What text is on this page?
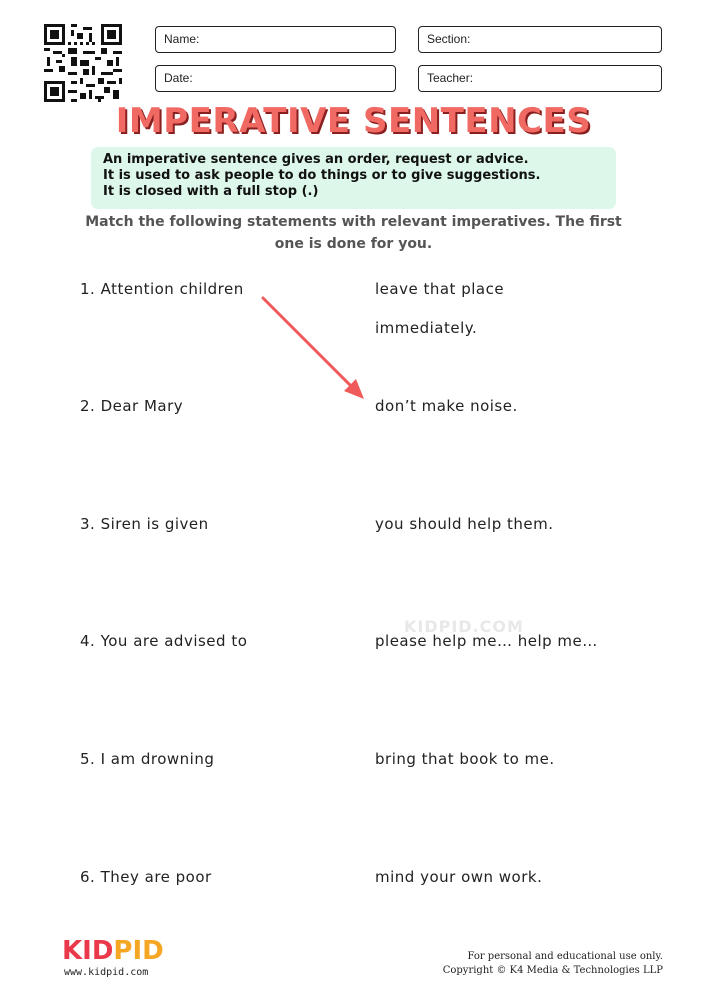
Name:	Section:
Date:	Teacher:
IMPERATIVE SENTENCES
An imperative sentence gives an order, request or advice.
It is used to ask people to do things or to give suggestions.
It is closed with a full stop (.)
Match the following statements with relevant imperatives. The first one is done for you.
1. Attention children
2. Dear Mary
3. Siren is given
4. You are advised to
5. I am drowning
6. They are poor
leave that place
immediately.
don’t make noise.
you should help them.
please help me… help me…
bring that book to me.
mind your own work.
KIDPID.COM
KIDPID
www.kidpid.com
For personal and educational use only.
Copyright © K4 Media & Technologies LLP
